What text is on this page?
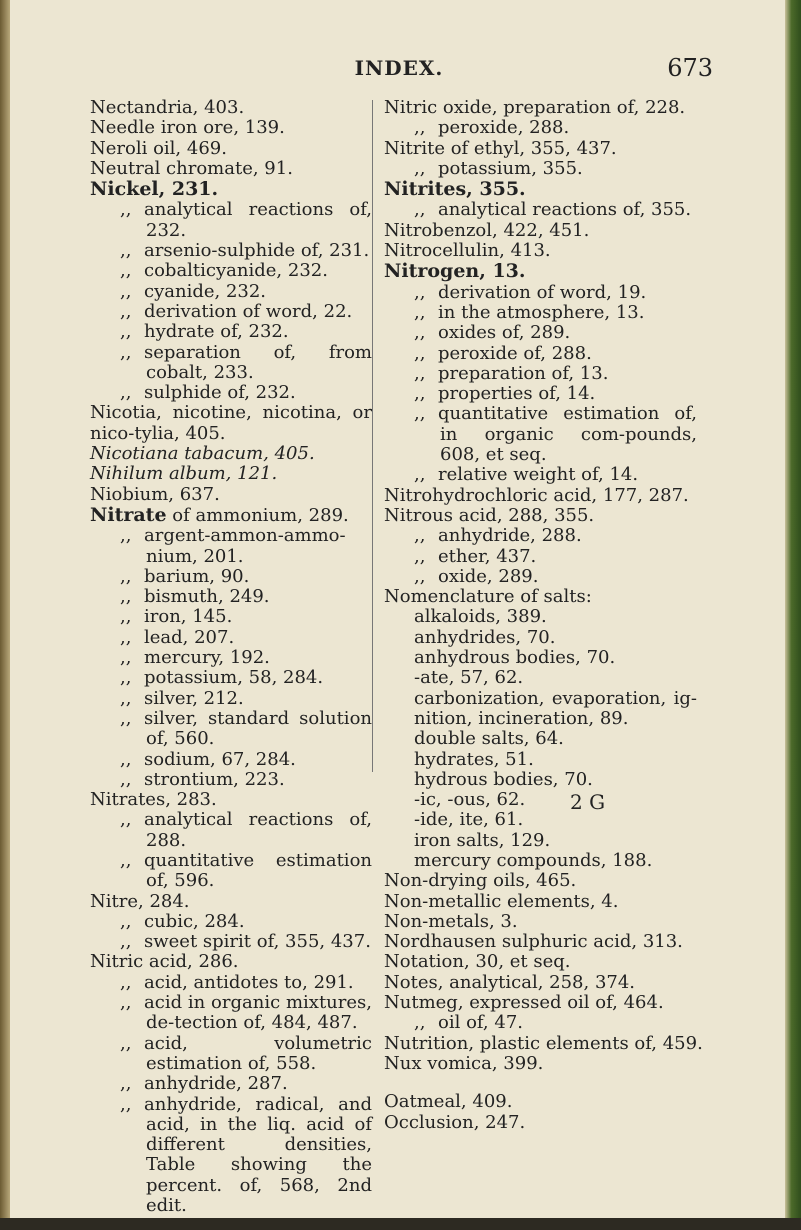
INDEX.	673
Nectandria, 403.
Needle iron ore, 139.
Neroli oil, 469.
Neutral chromate, 91.
Nickel, 231.
,, analytical reactions of, 232.
,, arsenio-sulphide of, 231.
,, cobalticyanide, 232.
,, cyanide, 232.
,, derivation of word, 22.
,, hydrate of, 232.
,, separation of, from cobalt, 233.
,, sulphide of, 232.
Nicotia, nicotine, nicotina, or nico-tylia, 405.
Nicotiana tabacum, 405.
Nihilum album, 121.
Niobium, 637.
Nitrate of ammonium, 289.
,, argent-ammon-ammo-nium, 201.
,, barium, 90.
,, bismuth, 249.
,, iron, 145.
,, lead, 207.
,, mercury, 192.
,, potassium, 58, 284.
,, silver, 212.
,, silver, standard solution of, 560.
,, sodium, 67, 284.
,, strontium, 223.
Nitrates, 283.
,, analytical reactions of, 288.
,, quantitative estimation of, 596.
Nitre, 284.
,, cubic, 284.
,, sweet spirit of, 355, 437.
Nitric acid, 286.
,, acid, antidotes to, 291.
,, acid in organic mixtures, de-tection of, 484, 487.
,, acid, volumetric estimation of, 558.
,, anhydride, 287.
,, anhydride, radical, and acid, in the liq. acid of different densities, Table showing the percent. of, 568, 2nd edit.
Nitric oxide, preparation of, 228.
,, peroxide, 288.
Nitrite of ethyl, 355, 437.
,, potassium, 355.
Nitrites, 355.
,, analytical reactions of, 355.
Nitrobenzol, 422, 451.
Nitrocellulin, 413.
Nitrogen, 13.
,, derivation of word, 19.
,, in the atmosphere, 13.
,, oxides of, 289.
,, peroxide of, 288.
,, preparation of, 13.
,, properties of, 14.
,, quantitative estimation of, in organic com-pounds, 608, et seq.
,, relative weight of, 14.
Nitrohydrochloric acid, 177, 287.
Nitrous acid, 288, 355.
,, anhydride, 288.
,, ether, 437.
,, oxide, 289.
Nomenclature of salts:
alkaloids, 389.
anhydrides, 70.
anhydrous bodies, 70.
-ate, 57, 62.
carbonization, evaporation, ig-nition, incineration, 89.
double salts, 64.
hydrates, 51.
hydrous bodies, 70.
-ic, -ous, 62.
-ide, ite, 61.
iron salts, 129.
mercury compounds, 188.
Non-drying oils, 465.
Non-metallic elements, 4.
Non-metals, 3.
Nordhausen sulphuric acid, 313.
Notation, 30, et seq.
Notes, analytical, 258, 374.
Nutmeg, expressed oil of, 464.
,, oil of, 47.
Nutrition, plastic elements of, 459.
Nux vomica, 399.
Oatmeal, 409.
Occlusion, 247.
2 G
